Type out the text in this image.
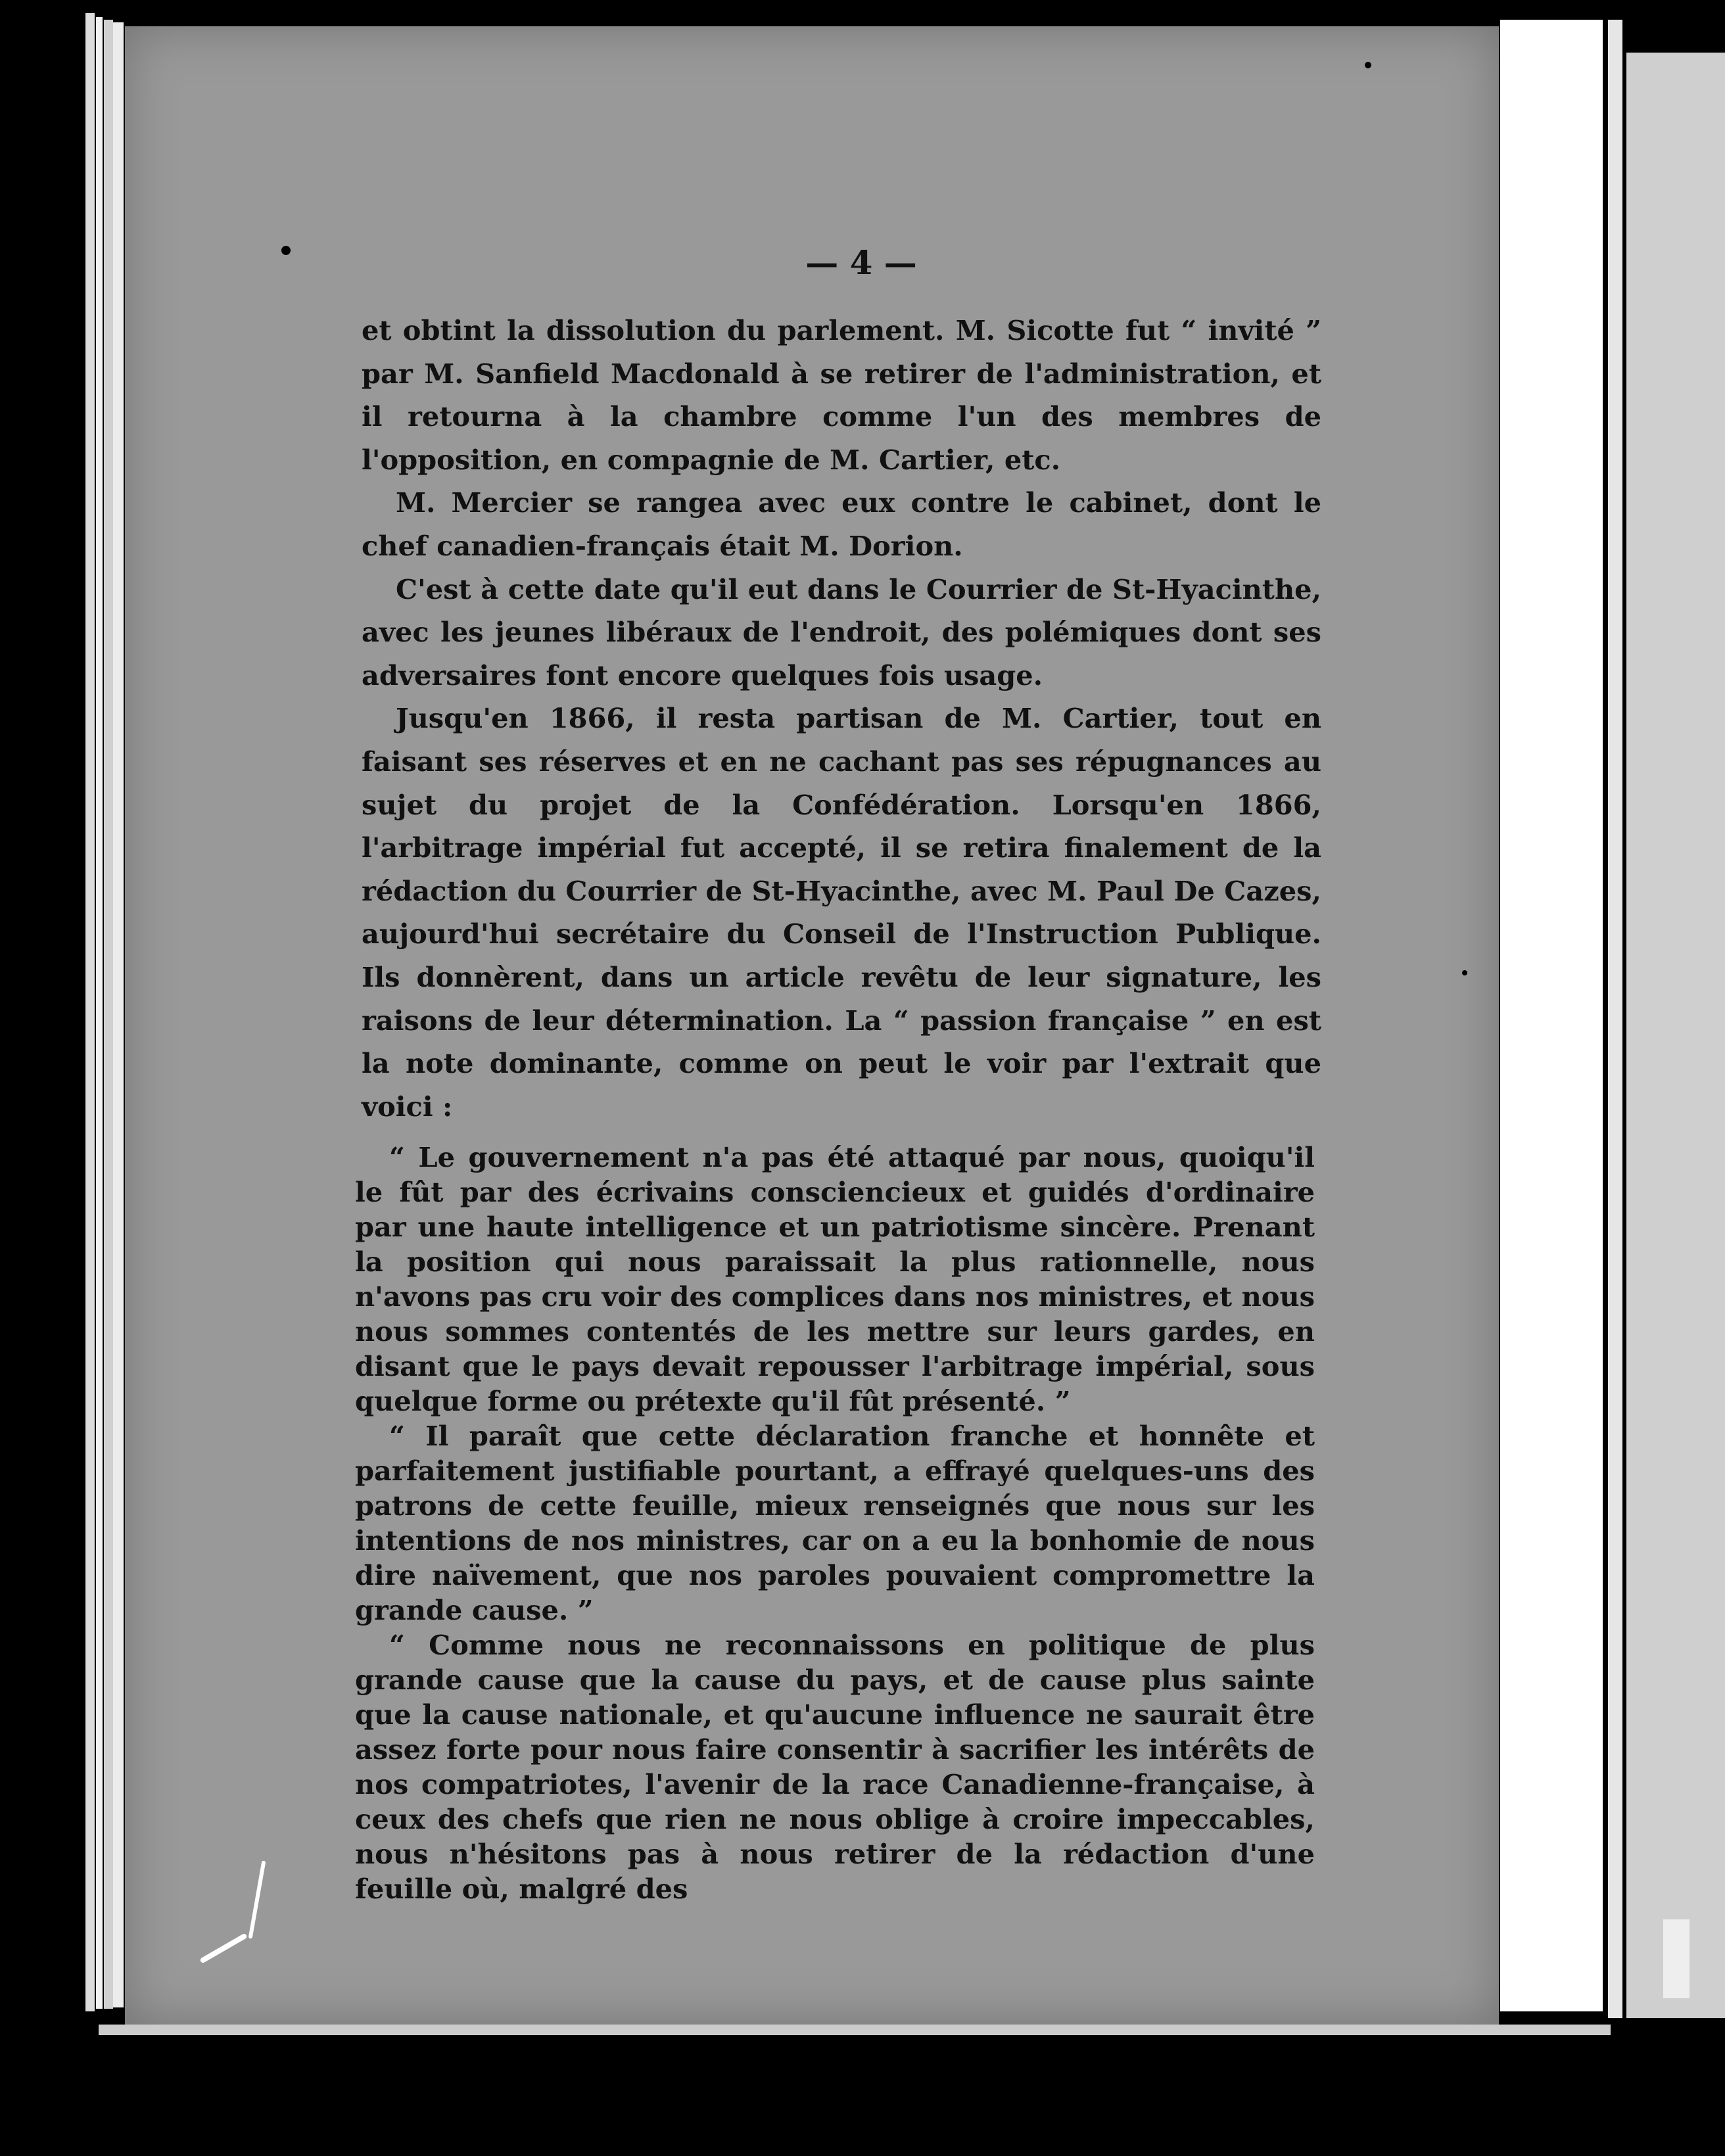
— 4 —

et obtint la dissolution du parlement. M. Sicotte fut “ invité ” par M. Sanfield Macdonald à se retirer de l'administration, et il retourna à la chambre comme l'un des membres de l'opposition, en compagnie de M. Cartier, etc.

M. Mercier se rangea avec eux contre le cabinet, dont le chef canadien-français était M. Dorion.

C'est à cette date qu'il eut dans le Courrier de St-Hyacinthe, avec les jeunes libéraux de l'endroit, des polémiques dont ses adversaires font encore quelques fois usage.

Jusqu'en 1866, il resta partisan de M. Cartier, tout en faisant ses réserves et en ne cachant pas ses répugnances au sujet du projet de la Confédération. Lorsqu'en 1866, l'arbitrage impérial fut accepté, il se retira finalement de la rédaction du Courrier de St-Hyacinthe, avec M. Paul De Cazes, aujourd'hui secrétaire du Conseil de l'Instruction Publique. Ils donnèrent, dans un article revêtu de leur signature, les raisons de leur détermination. La “ passion française ” en est la note dominante, comme on peut le voir par l'extrait que voici :

“ Le gouvernement n'a pas été attaqué par nous, quoiqu'il le fût par des écrivains consciencieux et guidés d'ordinaire par une haute intelligence et un patriotisme sincère. Prenant la position qui nous paraissait la plus rationnelle, nous n'avons pas cru voir des complices dans nos ministres, et nous nous sommes contentés de les mettre sur leurs gardes, en disant que le pays devait repousser l'arbitrage impérial, sous quelque forme ou prétexte qu'il fût présenté. ”

“ Il paraît que cette déclaration franche et honnête et parfaitement justifiable pourtant, a effrayé quelques-uns des patrons de cette feuille, mieux renseignés que nous sur les intentions de nos ministres, car on a eu la bonhomie de nous dire naïvement, que nos paroles pouvaient compromettre la grande cause. ”

“ Comme nous ne reconnaissons en politique de plus grande cause que la cause du pays, et de cause plus sainte que la cause nationale, et qu'aucune influence ne saurait être assez forte pour nous faire consentir à sacrifier les intérêts de nos compatriotes, l'avenir de la race Canadienne-française, à ceux des chefs que rien ne nous oblige à croire impeccables, nous n'hésitons pas à nous retirer de la rédaction d'une feuille où, malgré des
